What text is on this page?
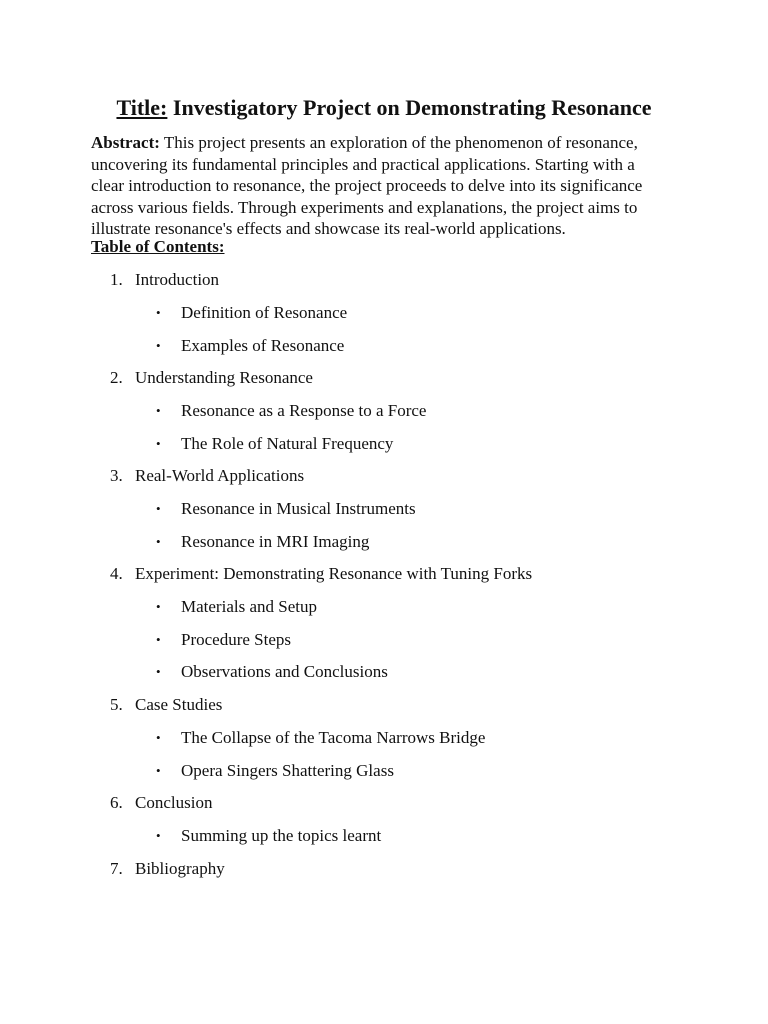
Title: Investigatory Project on Demonstrating Resonance
Abstract: This project presents an exploration of the phenomenon of resonance,
uncovering its fundamental principles and practical applications. Starting with a
clear introduction to resonance, the project proceeds to delve into its significance
across various fields. Through experiments and explanations, the project aims to
illustrate resonance's effects and showcase its real-world applications.
Table of Contents:
1. Introduction
• Definition of Resonance
• Examples of Resonance
2. Understanding Resonance
• Resonance as a Response to a Force
• The Role of Natural Frequency
3. Real-World Applications
• Resonance in Musical Instruments
• Resonance in MRI Imaging
4. Experiment: Demonstrating Resonance with Tuning Forks
• Materials and Setup
• Procedure Steps
• Observations and Conclusions
5. Case Studies
• The Collapse of the Tacoma Narrows Bridge
• Opera Singers Shattering Glass
6. Conclusion
• Summing up the topics learnt
7. Bibliography
